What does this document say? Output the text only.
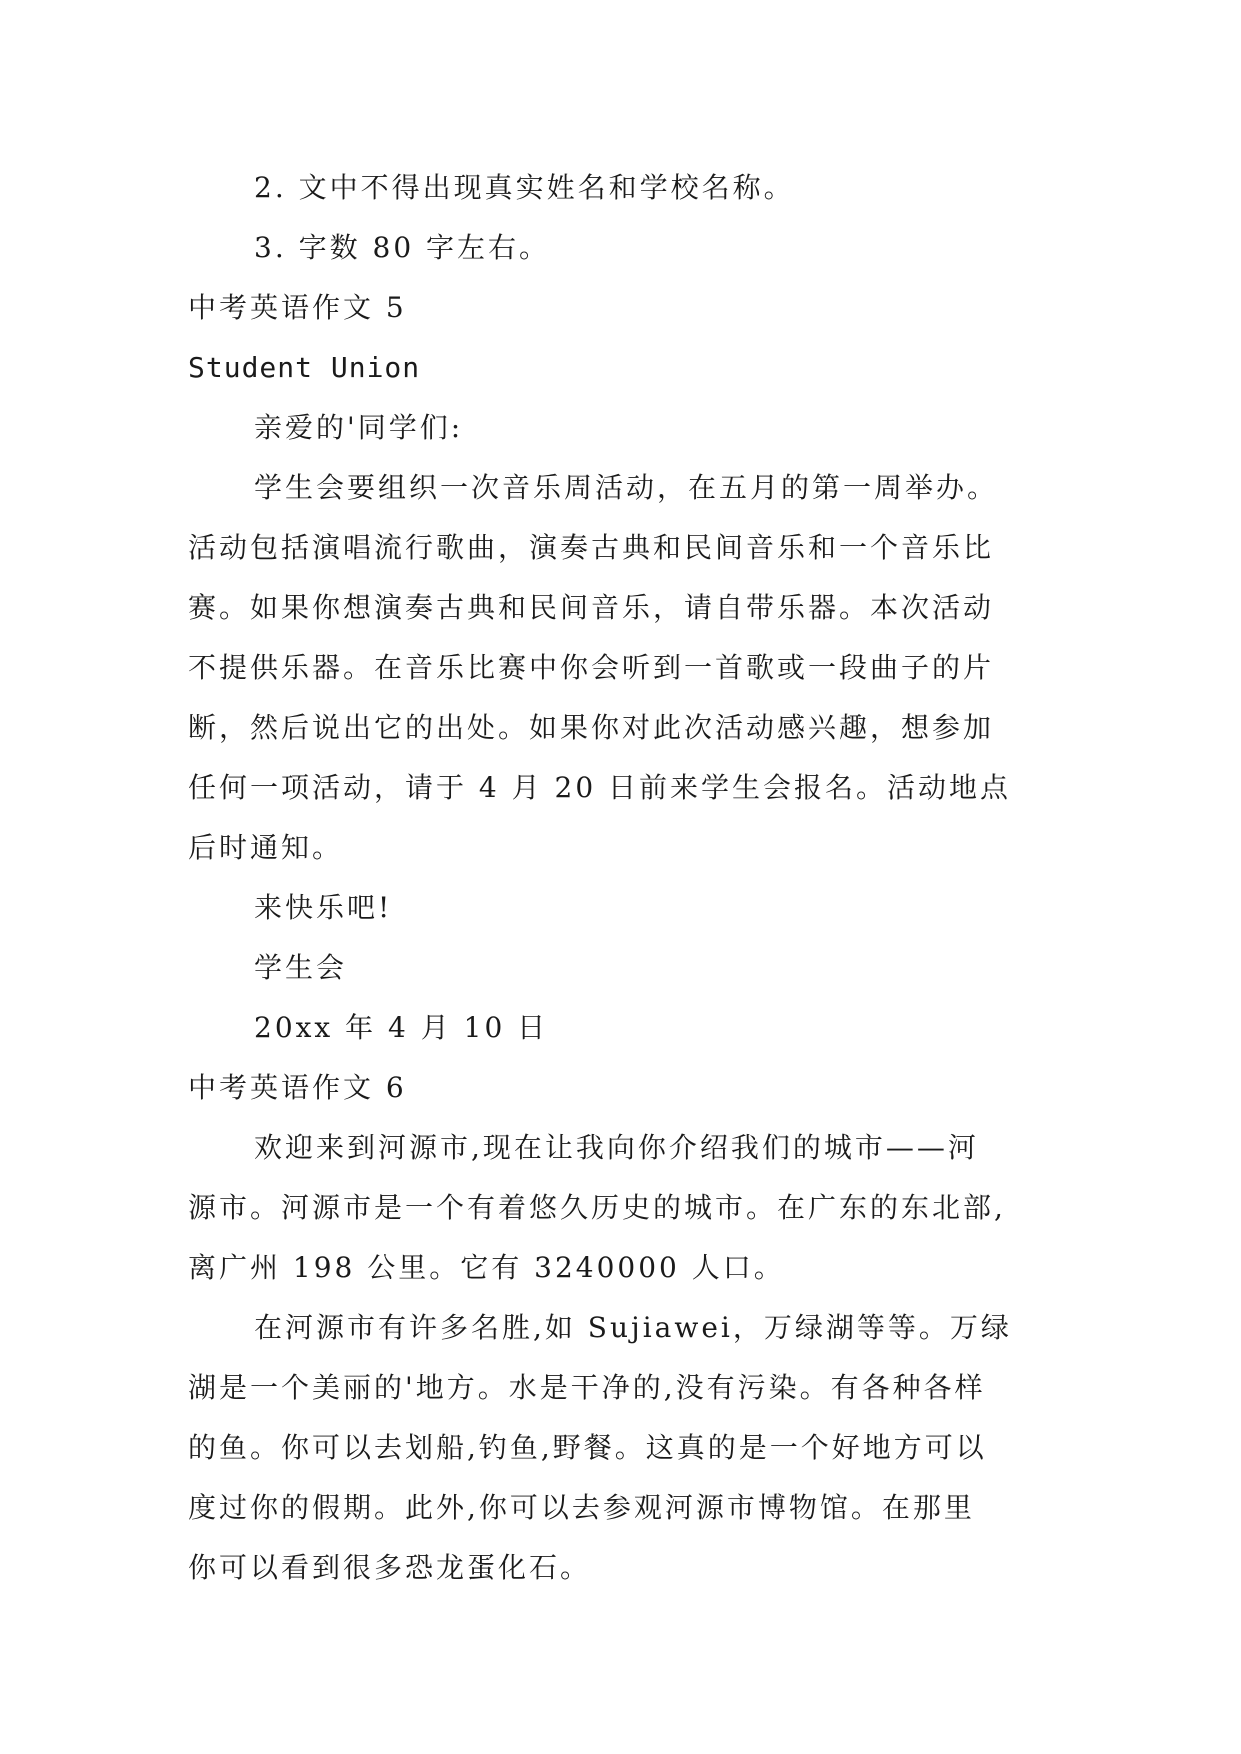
2. 文中不得出现真实姓名和学校名称。
3. 字数 80 字左右。
中考英语作文 5
Student Union
亲爱的'同学们:
学生会要组织一次音乐周活动，在五月的第一周举办。
活动包括演唱流行歌曲，演奏古典和民间音乐和一个音乐比
赛。如果你想演奏古典和民间音乐，请自带乐器。本次活动
不提供乐器。在音乐比赛中你会听到一首歌或一段曲子的片
断，然后说出它的出处。如果你对此次活动感兴趣，想参加
任何一项活动，请于 4 月 20 日前来学生会报名。活动地点
后时通知。
来快乐吧!
学生会
20xx 年 4 月 10 日
中考英语作文 6
欢迎来到河源市,现在让我向你介绍我们的城市——河
源市。河源市是一个有着悠久历史的城市。在广东的东北部,
离广州 198 公里。它有 3240000 人口。
在河源市有许多名胜,如 Sujiawei，万绿湖等等。万绿
湖是一个美丽的'地方。水是干净的,没有污染。有各种各样
的鱼。你可以去划船,钓鱼,野餐。这真的是一个好地方可以
度过你的假期。此外,你可以去参观河源市博物馆。在那里
你可以看到很多恐龙蛋化石。
